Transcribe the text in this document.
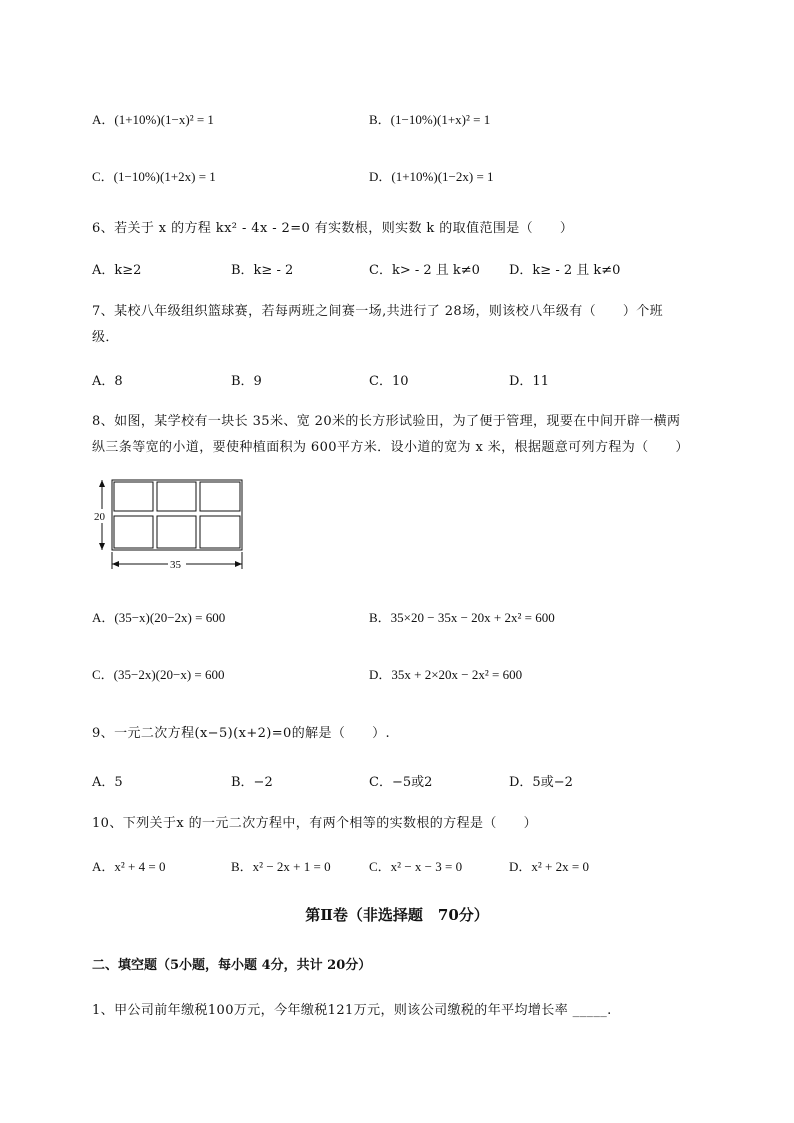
A．(1+10%)(1−x)² = 1	B．(1−10%)(1+x)² = 1
C．(1−10%)(1+2x) = 1	D．(1+10%)(1−2x) = 1
6、若关于 x 的方程 kx² - 4x - 2=0 有实数根，则实数 k 的取值范围是（　　）
A．k≥2	B．k≥ - 2	C．k> - 2 且 k≠0 D．k≥ - 2 且 k≠0
7、某校八年级组织篮球赛，若每两班之间赛一场,共进行了 28场，则该校八年级有（　　）个班
级．
A．8	B．9	C．10	D．11
8、如图，某学校有一块长 35米、宽 20米的长方形试验田，为了便于管理，现要在中间开辟一横两
纵三条等宽的小道，要使种植面积为 600平方米．设小道的宽为 x 米，根据题意可列方程为（　　）
20
35
A．(35−x)(20−2x) = 600	B．35×20 − 35x − 20x + 2x² = 600
C．(35−2x)(20−x) = 600	D．35x + 2×20x − 2x² = 600
9、一元二次方程(x−5)(x+2)=0的解是（　　）.
A．5	B．−2	C．−5或2	D．5或−2
10、下列关于x 的一元二次方程中，有两个相等的实数根的方程是（　　）
A．x² + 4 = 0	B．x² − 2x + 1 = 0	C．x² − x − 3 = 0	D．x² + 2x = 0
第Ⅱ卷（非选择题　70分）
二、填空题（5小题，每小题 4分，共计 20分）
1、甲公司前年缴税100万元，今年缴税121万元，则该公司缴税的年平均增长率 _____.
